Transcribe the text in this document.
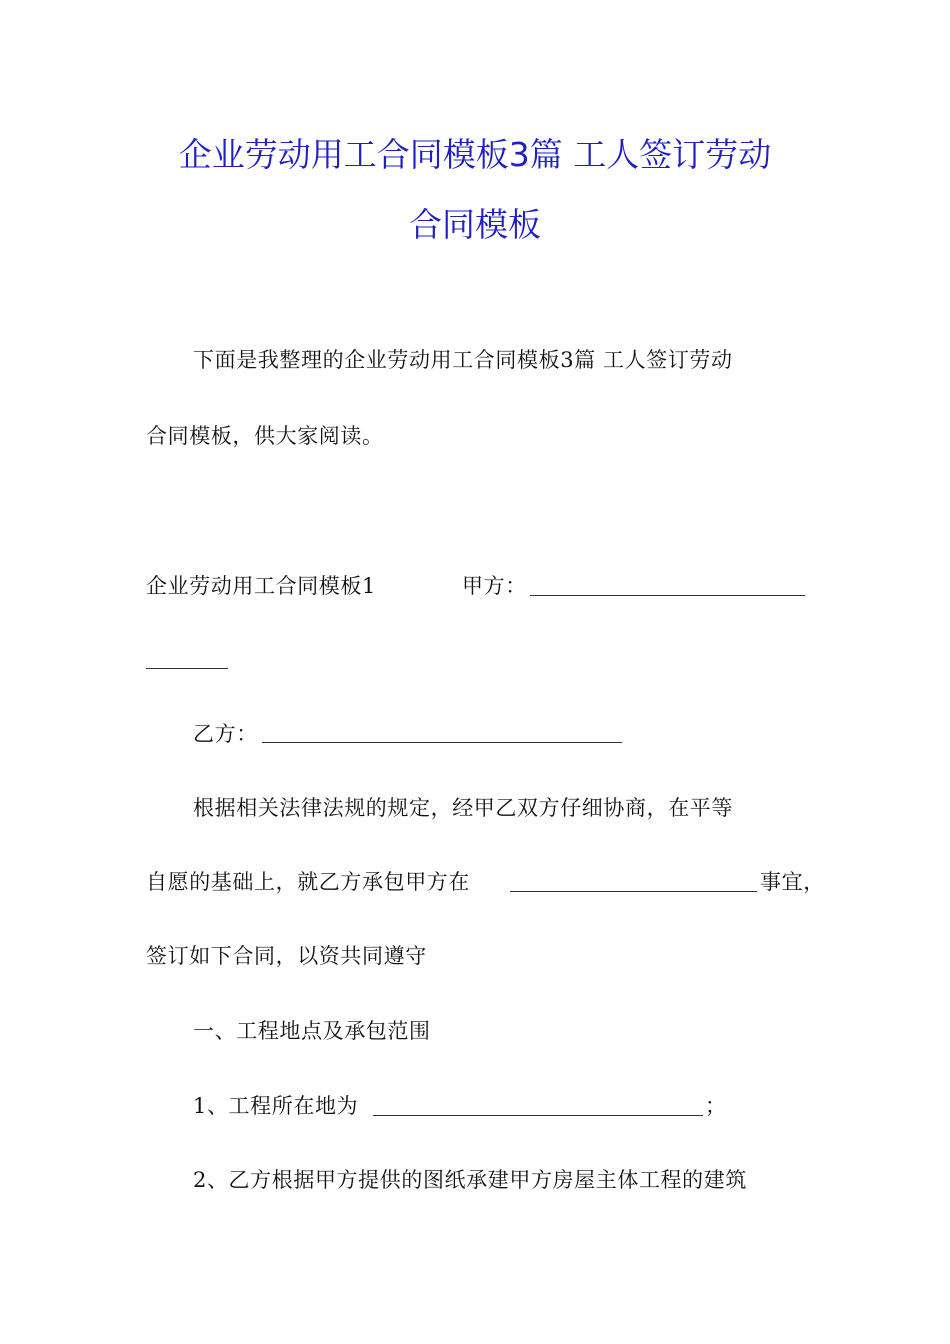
企业劳动用工合同模板3篇 工人签订劳动
合同模板
下面是我整理的企业劳动用工合同模板3篇 工人签订劳动
合同模板，供大家阅读。
企业劳动用工合同模板1	甲方：
乙方：
根据相关法律法规的规定，经甲乙双方仔细协商，在平等
自愿的基础上，就乙方承包甲方在	事宜，
签订如下合同，以资共同遵守
一、工程地点及承包范围
1、工程所在地为	；
2、乙方根据甲方提供的图纸承建甲方房屋主体工程的建筑
